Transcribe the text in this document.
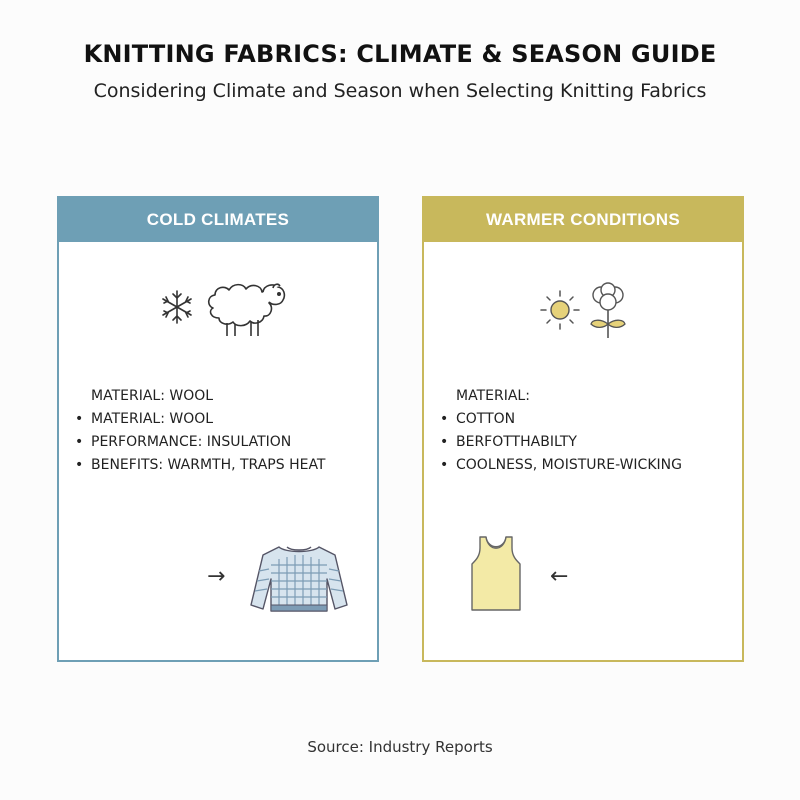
KNITTING FABRICS: CLIMATE & SEASON GUIDE
Considering Climate and Season when Selecting Knitting Fabrics
COLD CLIMATES
MATERIAL: WOOL
• MATERIAL: WOOL
• PERFORMANCE: INSULATION
• BENEFITS: WARMTH, TRAPS HEAT
→
WARMER CONDITIONS
MATERIAL:
• COTTON
• BERFOTTHABILTY
• COOLNESS, MOISTURE-WICKING
←
Source: Industry Reports
